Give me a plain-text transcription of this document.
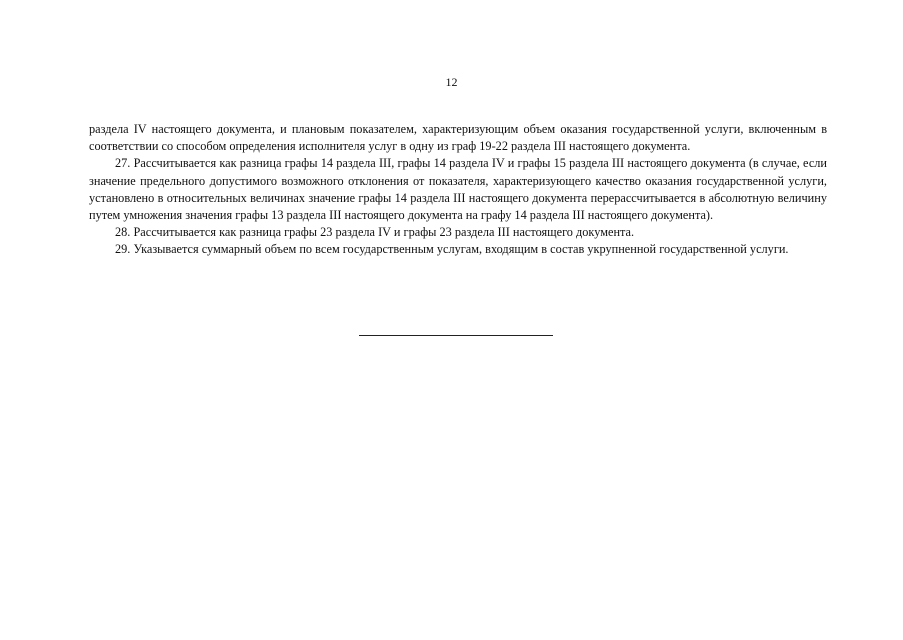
12

раздела IV настоящего документа, и плановым показателем, характеризующим объем оказания государственной услуги, включенным в соответствии со способом определения исполнителя услуг в одну из граф 19-22 раздела III настоящего документа.

27. Рассчитывается как разница графы 14 раздела III, графы 14 раздела IV и графы 15 раздела III настоящего документа (в случае, если значение предельного допустимого возможного отклонения от показателя, характеризующего качество оказания государственной услуги, установлено в относительных величинах значение графы 14 раздела III настоящего документа перерассчитывается в абсолютную величину путем умножения значения графы 13 раздела III настоящего документа на графу 14 раздела III настоящего документа).

28. Рассчитывается как разница графы 23 раздела IV и графы 23 раздела III настоящего документа.

29. Указывается суммарный объем по всем государственным услугам, входящим в состав укрупненной государственной услуги.
